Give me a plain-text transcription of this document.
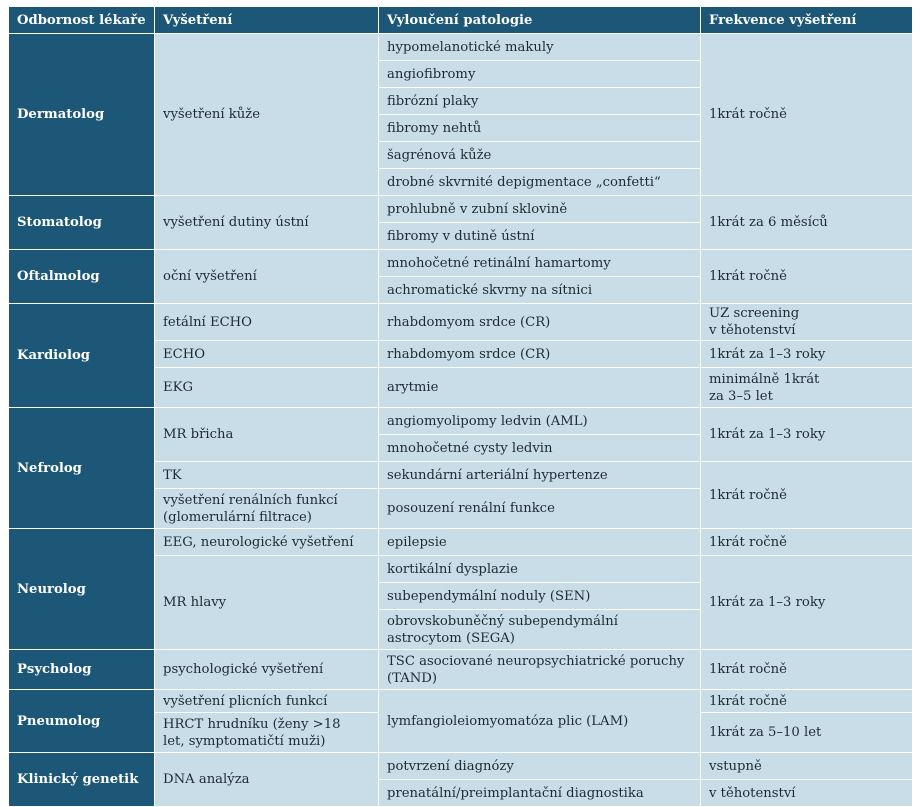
Odbornost lékaře	Vyšetření	Vyloučení patologie	Frekvence vyšetření
Dermatolog	vyšetření kůže	hypomelanotické makuly	1krát ročně
		angiofibromy	
		fibrózní plaky	
		fibromy nehtů	
		šagrénová kůže	
		drobné skvrnité depigmentace „confetti“	
Stomatolog	vyšetření dutiny ústní	prohlubně v zubní sklovině	1krát za 6 měsíců
		fibromy v dutině ústní	
Oftalmolog	oční vyšetření	mnohočetné retinální hamartomy	1krát ročně
		achromatické skvrny na sítnici	
Kardiolog	fetální ECHO	rhabdomyom srdce (CR)	UZ screening
v těhotenství
	ECHO	rhabdomyom srdce (CR)	1krát za 1–3 roky
	EKG	arytmie	minimálně 1krát
za 3–5 let
Nefrolog	MR břicha	angiomyolipomy ledvin (AML)	1krát za 1–3 roky
		mnohočetné cysty ledvin	
	TK	sekundární arteriální hypertenze	1krát ročně
	vyšetření renálních funkcí
(glomerulární filtrace)	posouzení renální funkce	
Neurolog	EEG, neurologické vyšetření	epilepsie	1krát ročně
	MR hlavy	kortikální dysplazie	1krát za 1–3 roky
		subependymální noduly (SEN)	
		obrovskobuněčný subependymální
astrocytom (SEGA)	
Psycholog	psychologické vyšetření	TSC asociované neuropsychiatrické poruchy
(TAND)	1krát ročně
Pneumolog	vyšetření plicních funkcí	lymfangioleiomyomatóza plic (LAM)	1krát ročně
	HRCT hrudníku (ženy >18
let, symptomatičtí muži)		1krát za 5–10 let
Klinický genetik	DNA analýza	potvrzení diagnózy	vstupně
		prenatální/preimplantační diagnostika	v těhotenství
